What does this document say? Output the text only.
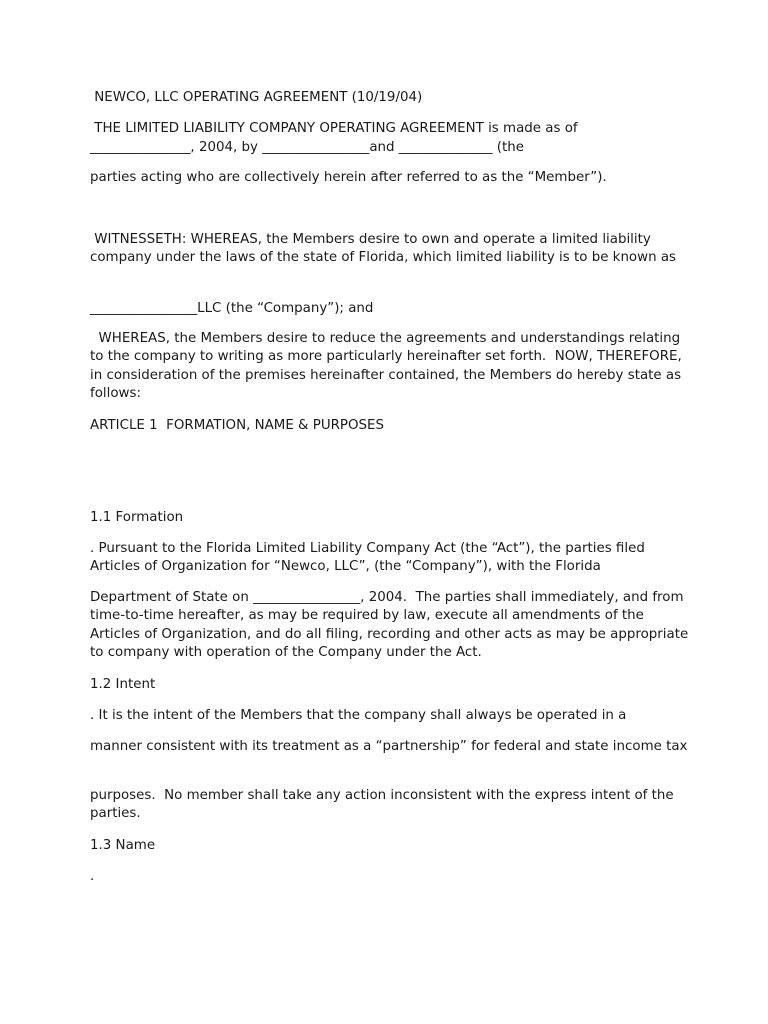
NEWCO, LLC OPERATING AGREEMENT (10/19/04)

THE LIMITED LIABILITY COMPANY OPERATING AGREEMENT is made as of

_______________, 2004, by ________________and ______________ (the

parties acting who are collectively herein after referred to as the “Member”).

WITNESSETH: WHEREAS, the Members desire to own and operate a limited liability company under the laws of the state of Florida, which limited liability is to be known as

________________LLC (the “Company”); and

WHEREAS, the Members desire to reduce the agreements and understandings relating to the company to writing as more particularly hereinafter set forth.  NOW, THEREFORE, in consideration of the premises hereinafter contained, the Members do hereby state as follows:

ARTICLE 1  FORMATION, NAME & PURPOSES

1.1 Formation

. Pursuant to the Florida Limited Liability Company Act (the “Act”), the parties filed Articles of Organization for “Newco, LLC”, (the “Company”), with the Florida

Department of State on ________________, 2004.  The parties shall immediately, and from time-to-time hereafter, as may be required by law, execute all amendments of the Articles of Organization, and do all filing, recording and other acts as may be appropriate to company with operation of the Company under the Act.

1.2 Intent

. It is the intent of the Members that the company shall always be operated in a

manner consistent with its treatment as a “partnership” for federal and state income tax

purposes.  No member shall take any action inconsistent with the express intent of the parties.

1.3 Name

.
